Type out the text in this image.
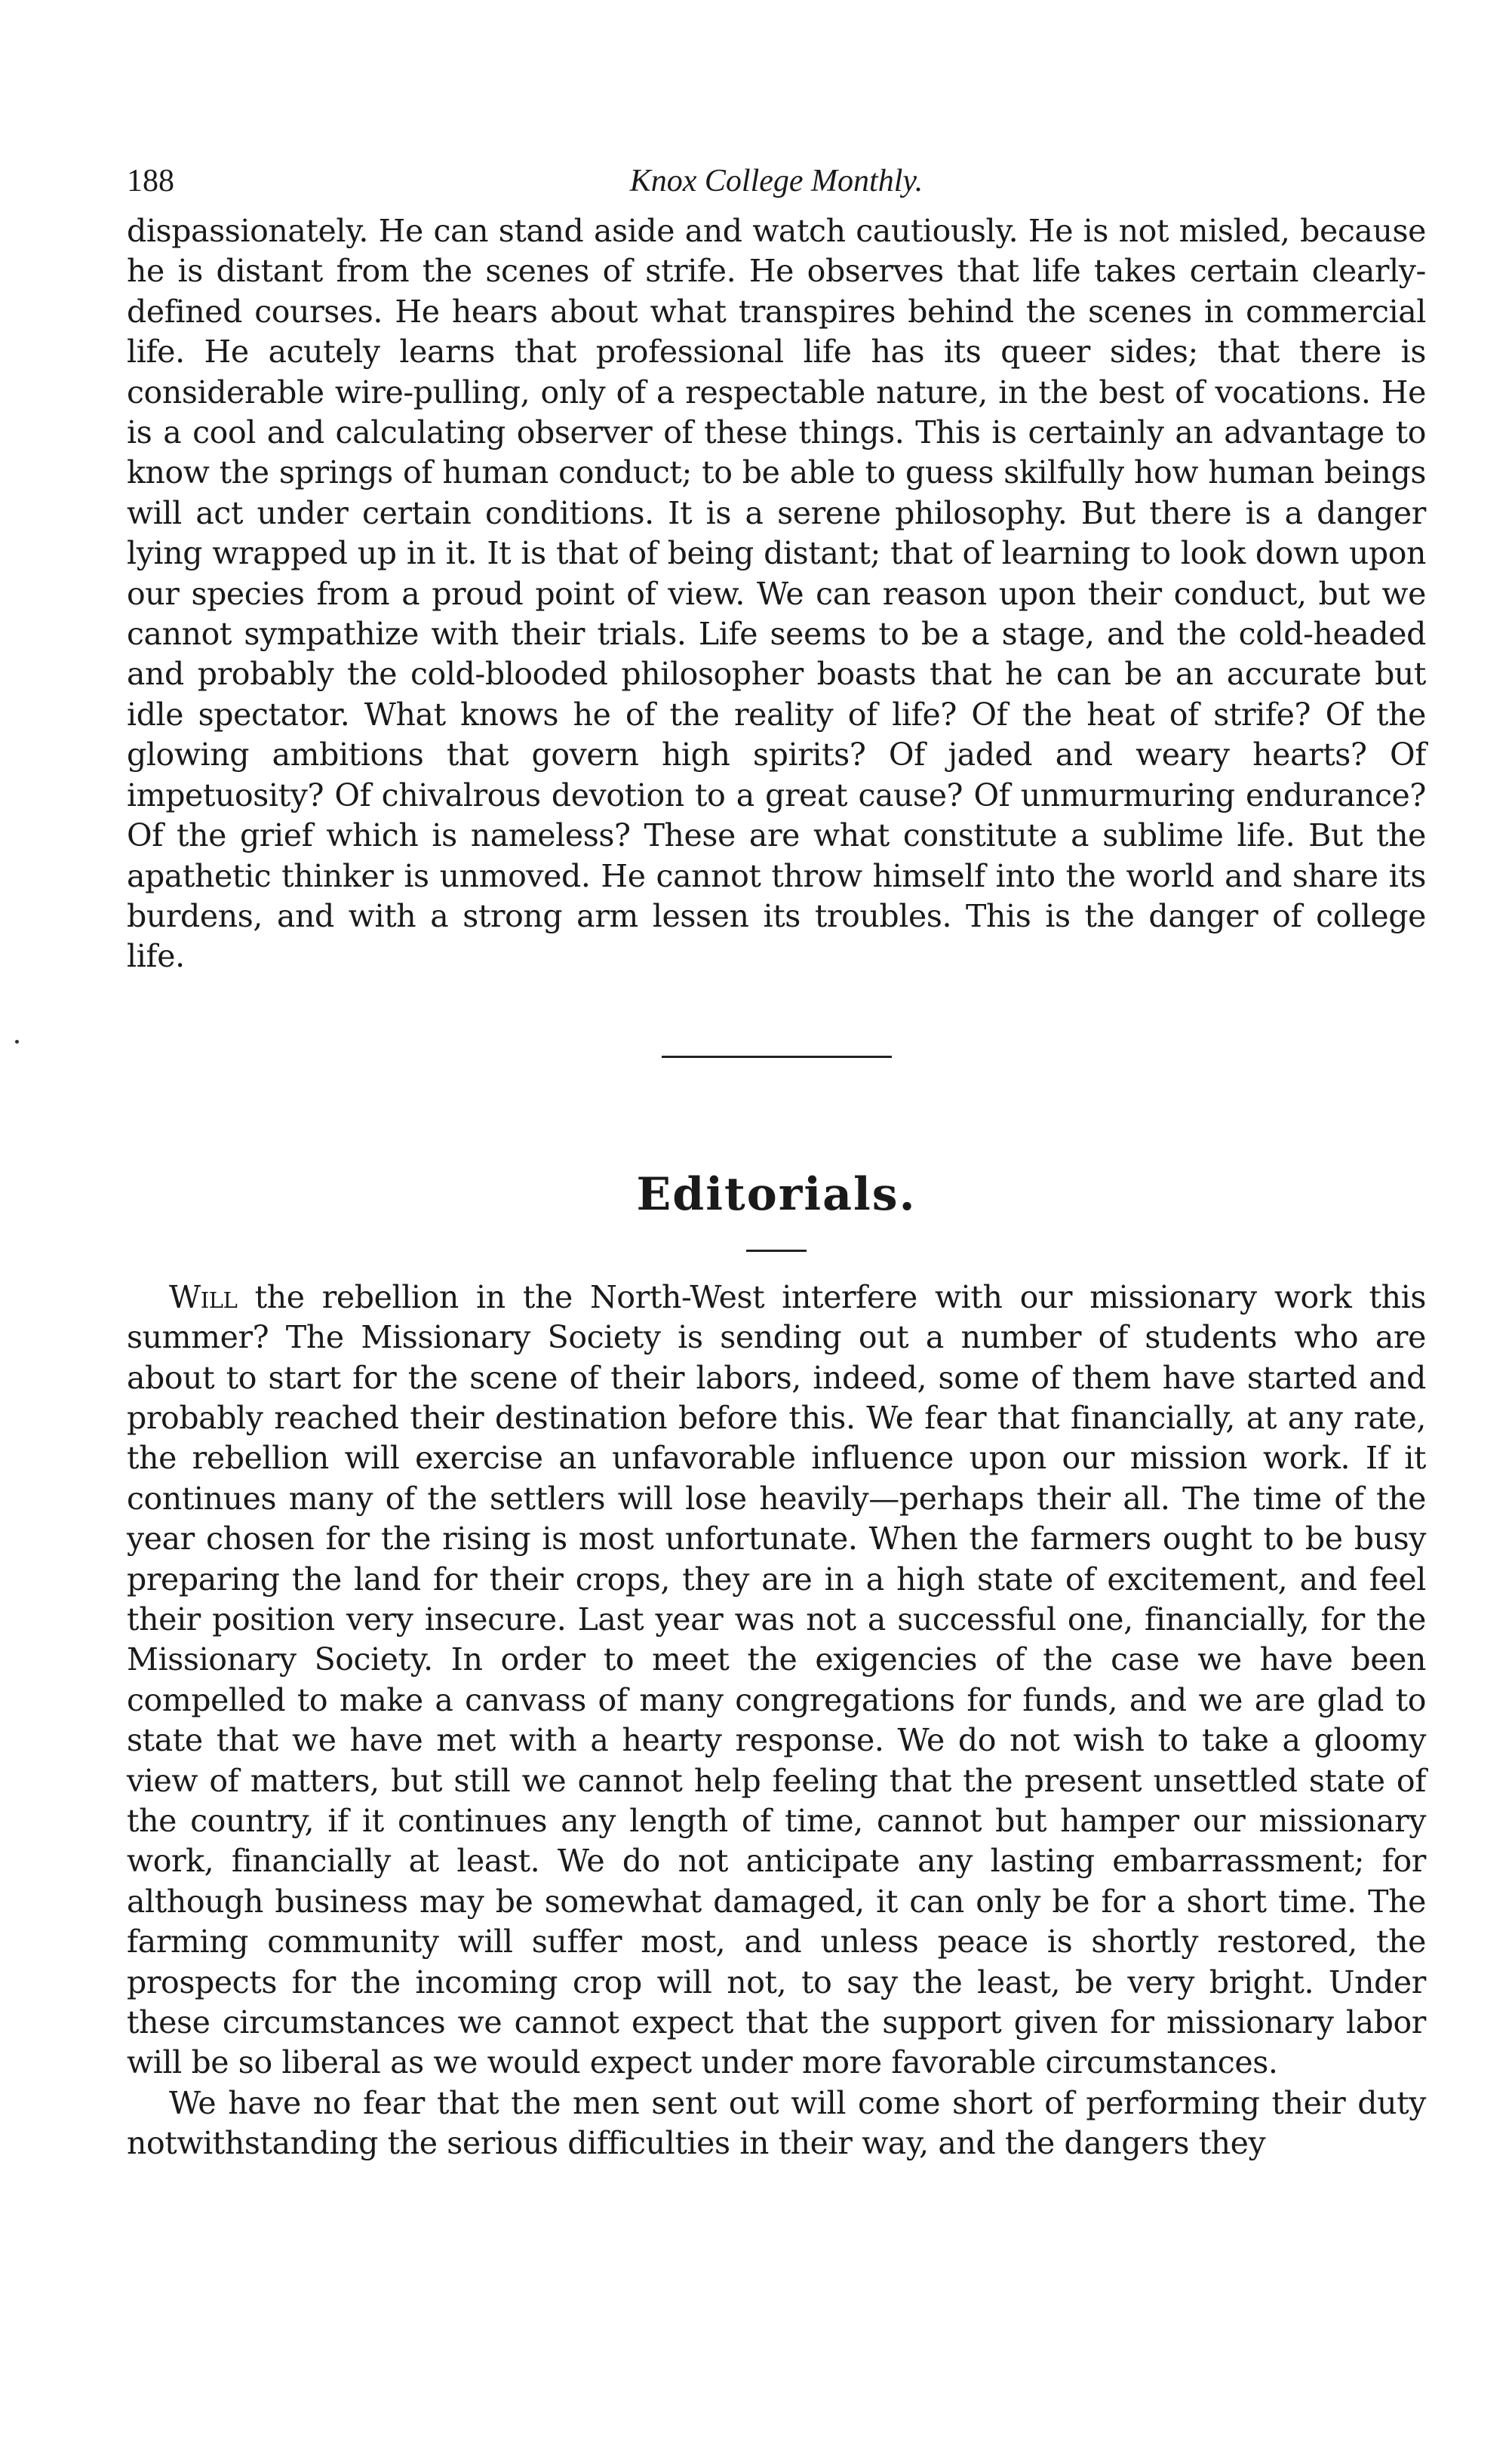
188	Knox College Monthly.

dispassionately. He can stand aside and watch cautiously. He is not misled, because he is distant from the scenes of strife. He observes that life takes certain clearly-defined courses. He hears about what transpires behind the scenes in commercial life. He acutely learns that professional life has its queer sides; that there is considerable wire-pulling, only of a respectable nature, in the best of vocations. He is a cool and calculating observer of these things. This is certainly an advantage to know the springs of human conduct; to be able to guess skilfully how human beings will act under certain conditions. It is a serene philosophy. But there is a danger lying wrapped up in it. It is that of being distant; that of learning to look down upon our species from a proud point of view. We can reason upon their conduct, but we cannot sympathize with their trials. Life seems to be a stage, and the cold-headed and probably the cold-blooded philosopher boasts that he can be an accurate but idle spectator. What knows he of the reality of life? Of the heat of strife? Of the glowing ambitions that govern high spirits? Of jaded and weary hearts? Of impetuosity? Of chivalrous devotion to a great cause? Of unmurmuring endurance? Of the grief which is nameless? These are what constitute a sublime life. But the apathetic thinker is unmoved. He cannot throw himself into the world and share its burdens, and with a strong arm lessen its troubles. This is the danger of college life.

Editorials.

Will the rebellion in the North-West interfere with our missionary work this summer? The Missionary Society is sending out a number of students who are about to start for the scene of their labors, indeed, some of them have started and probably reached their destination before this. We fear that financially, at any rate, the rebellion will exercise an unfavorable influence upon our mission work. If it continues many of the settlers will lose heavily—perhaps their all. The time of the year chosen for the rising is most unfortunate. When the farmers ought to be busy preparing the land for their crops, they are in a high state of excitement, and feel their position very insecure. Last year was not a successful one, financially, for the Missionary Society. In order to meet the exigencies of the case we have been compelled to make a canvass of many congregations for funds, and we are glad to state that we have met with a hearty response. We do not wish to take a gloomy view of matters, but still we cannot help feeling that the present unsettled state of the country, if it continues any length of time, cannot but hamper our missionary work, financially at least. We do not anticipate any lasting embarrassment; for although business may be somewhat damaged, it can only be for a short time. The farming community will suffer most, and unless peace is shortly restored, the prospects for the incoming crop will not, to say the least, be very bright. Under these circumstances we cannot expect that the support given for missionary labor will be so liberal as we would expect under more favorable circumstances.

We have no fear that the men sent out will come short of performing their duty notwithstanding the serious difficulties in their way, and the dangers they
